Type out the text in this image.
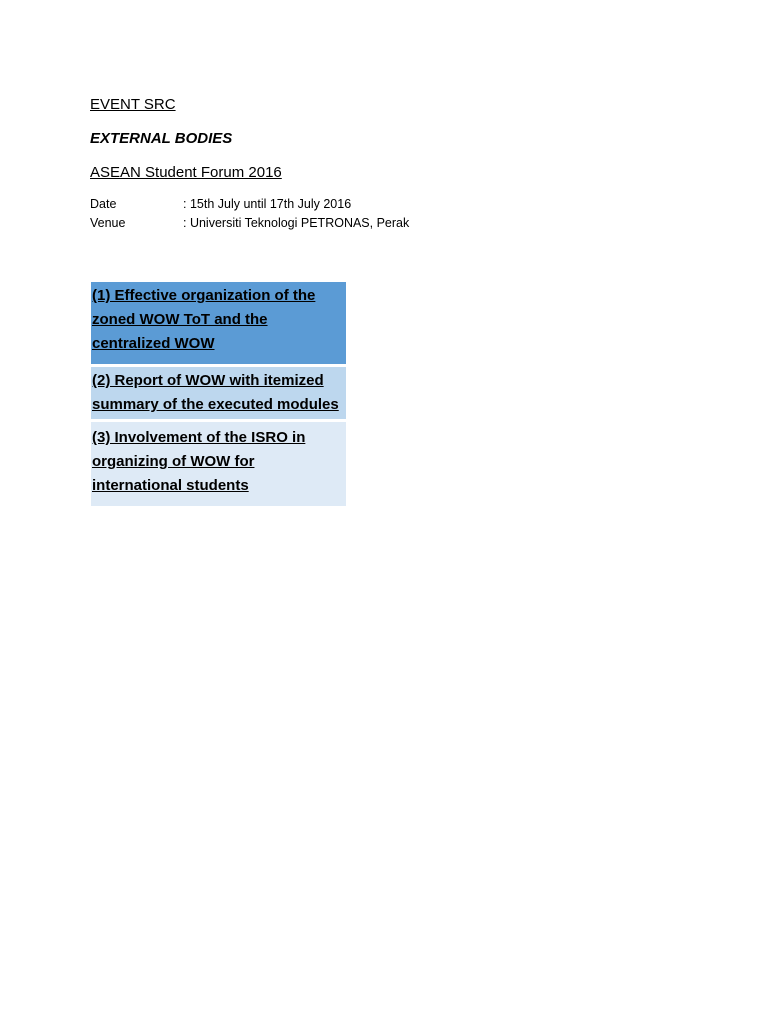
EVENT SRC
EXTERNAL BODIES
ASEAN Student Forum 2016
Date	: 15th July until 17th July 2016
Venue	: Universiti Teknologi PETRONAS, Perak
(1) Effective organization of the zoned WOW ToT and the centralized WOW
(2) Report of WOW with itemized summary of the executed modules
(3) Involvement of the ISRO in organizing of WOW for international students
